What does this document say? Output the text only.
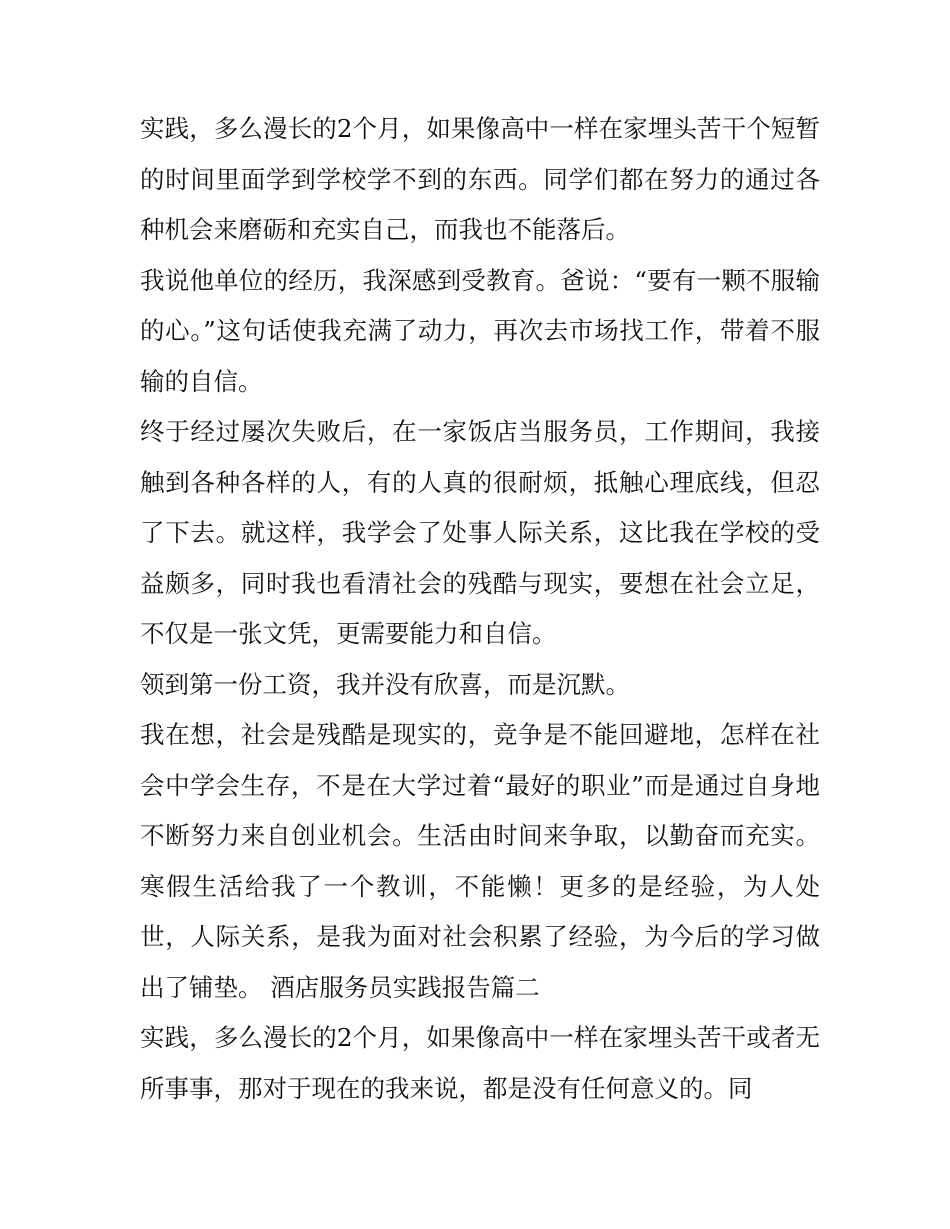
实践，多么漫长的2个月，如果像高中一样在家埋头苦干个短暂的时间里面学到学校学不到的东西。同学们都在努力的通过各种机会来磨砺和充实自己，而我也不能落后。

我说他单位的经历，我深感到受教育。爸说：“要有一颗不服输的心。”这句话使我充满了动力，再次去市场找工作，带着不服输的自信。

终于经过屡次失败后，在一家饭店当服务员，工作期间，我接触到各种各样的人，有的人真的很耐烦，抵触心理底线，但忍了下去。就这样，我学会了处事人际关系，这比我在学校的受益颇多，同时我也看清社会的残酷与现实，要想在社会立足，不仅是一张文凭，更需要能力和自信。

领到第一份工资，我并没有欣喜，而是沉默。

我在想，社会是残酷是现实的，竞争是不能回避地，怎样在社会中学会生存，不是在大学过着“最好的职业”而是通过自身地不断努力来自创业机会。生活由时间来争取，以勤奋而充实。寒假生活给我了一个教训，不能懒！更多的是经验，为人处世，人际关系，是我为面对社会积累了经验，为今后的学习做出了铺垫。 酒店服务员实践报告篇二

实践，多么漫长的2个月，如果像高中一样在家埋头苦干或者无所事事，那对于现在的我来说，都是没有任何意义的。同
